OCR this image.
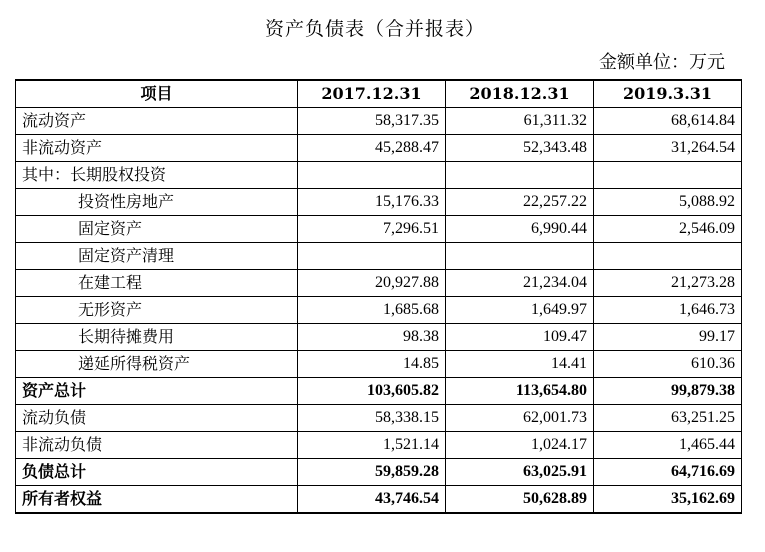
资产负债表（合并报表）
金额单位：万元
项目	2017.12.31	2018.12.31	2019.3.31
流动资产	58,317.35	61,311.32	68,614.84
非流动资产	45,288.47	52,343.48	31,264.54
其中：长期股权投资			
投资性房地产	15,176.33	22,257.22	5,088.92
固定资产	7,296.51	6,990.44	2,546.09
固定资产清理			
在建工程	20,927.88	21,234.04	21,273.28
无形资产	1,685.68	1,649.97	1,646.73
长期待摊费用	98.38	109.47	99.17
递延所得税资产	14.85	14.41	610.36
资产总计	103,605.82	113,654.80	99,879.38
流动负债	58,338.15	62,001.73	63,251.25
非流动负债	1,521.14	1,024.17	1,465.44
负债总计	59,859.28	63,025.91	64,716.69
所有者权益	43,746.54	50,628.89	35,162.69
